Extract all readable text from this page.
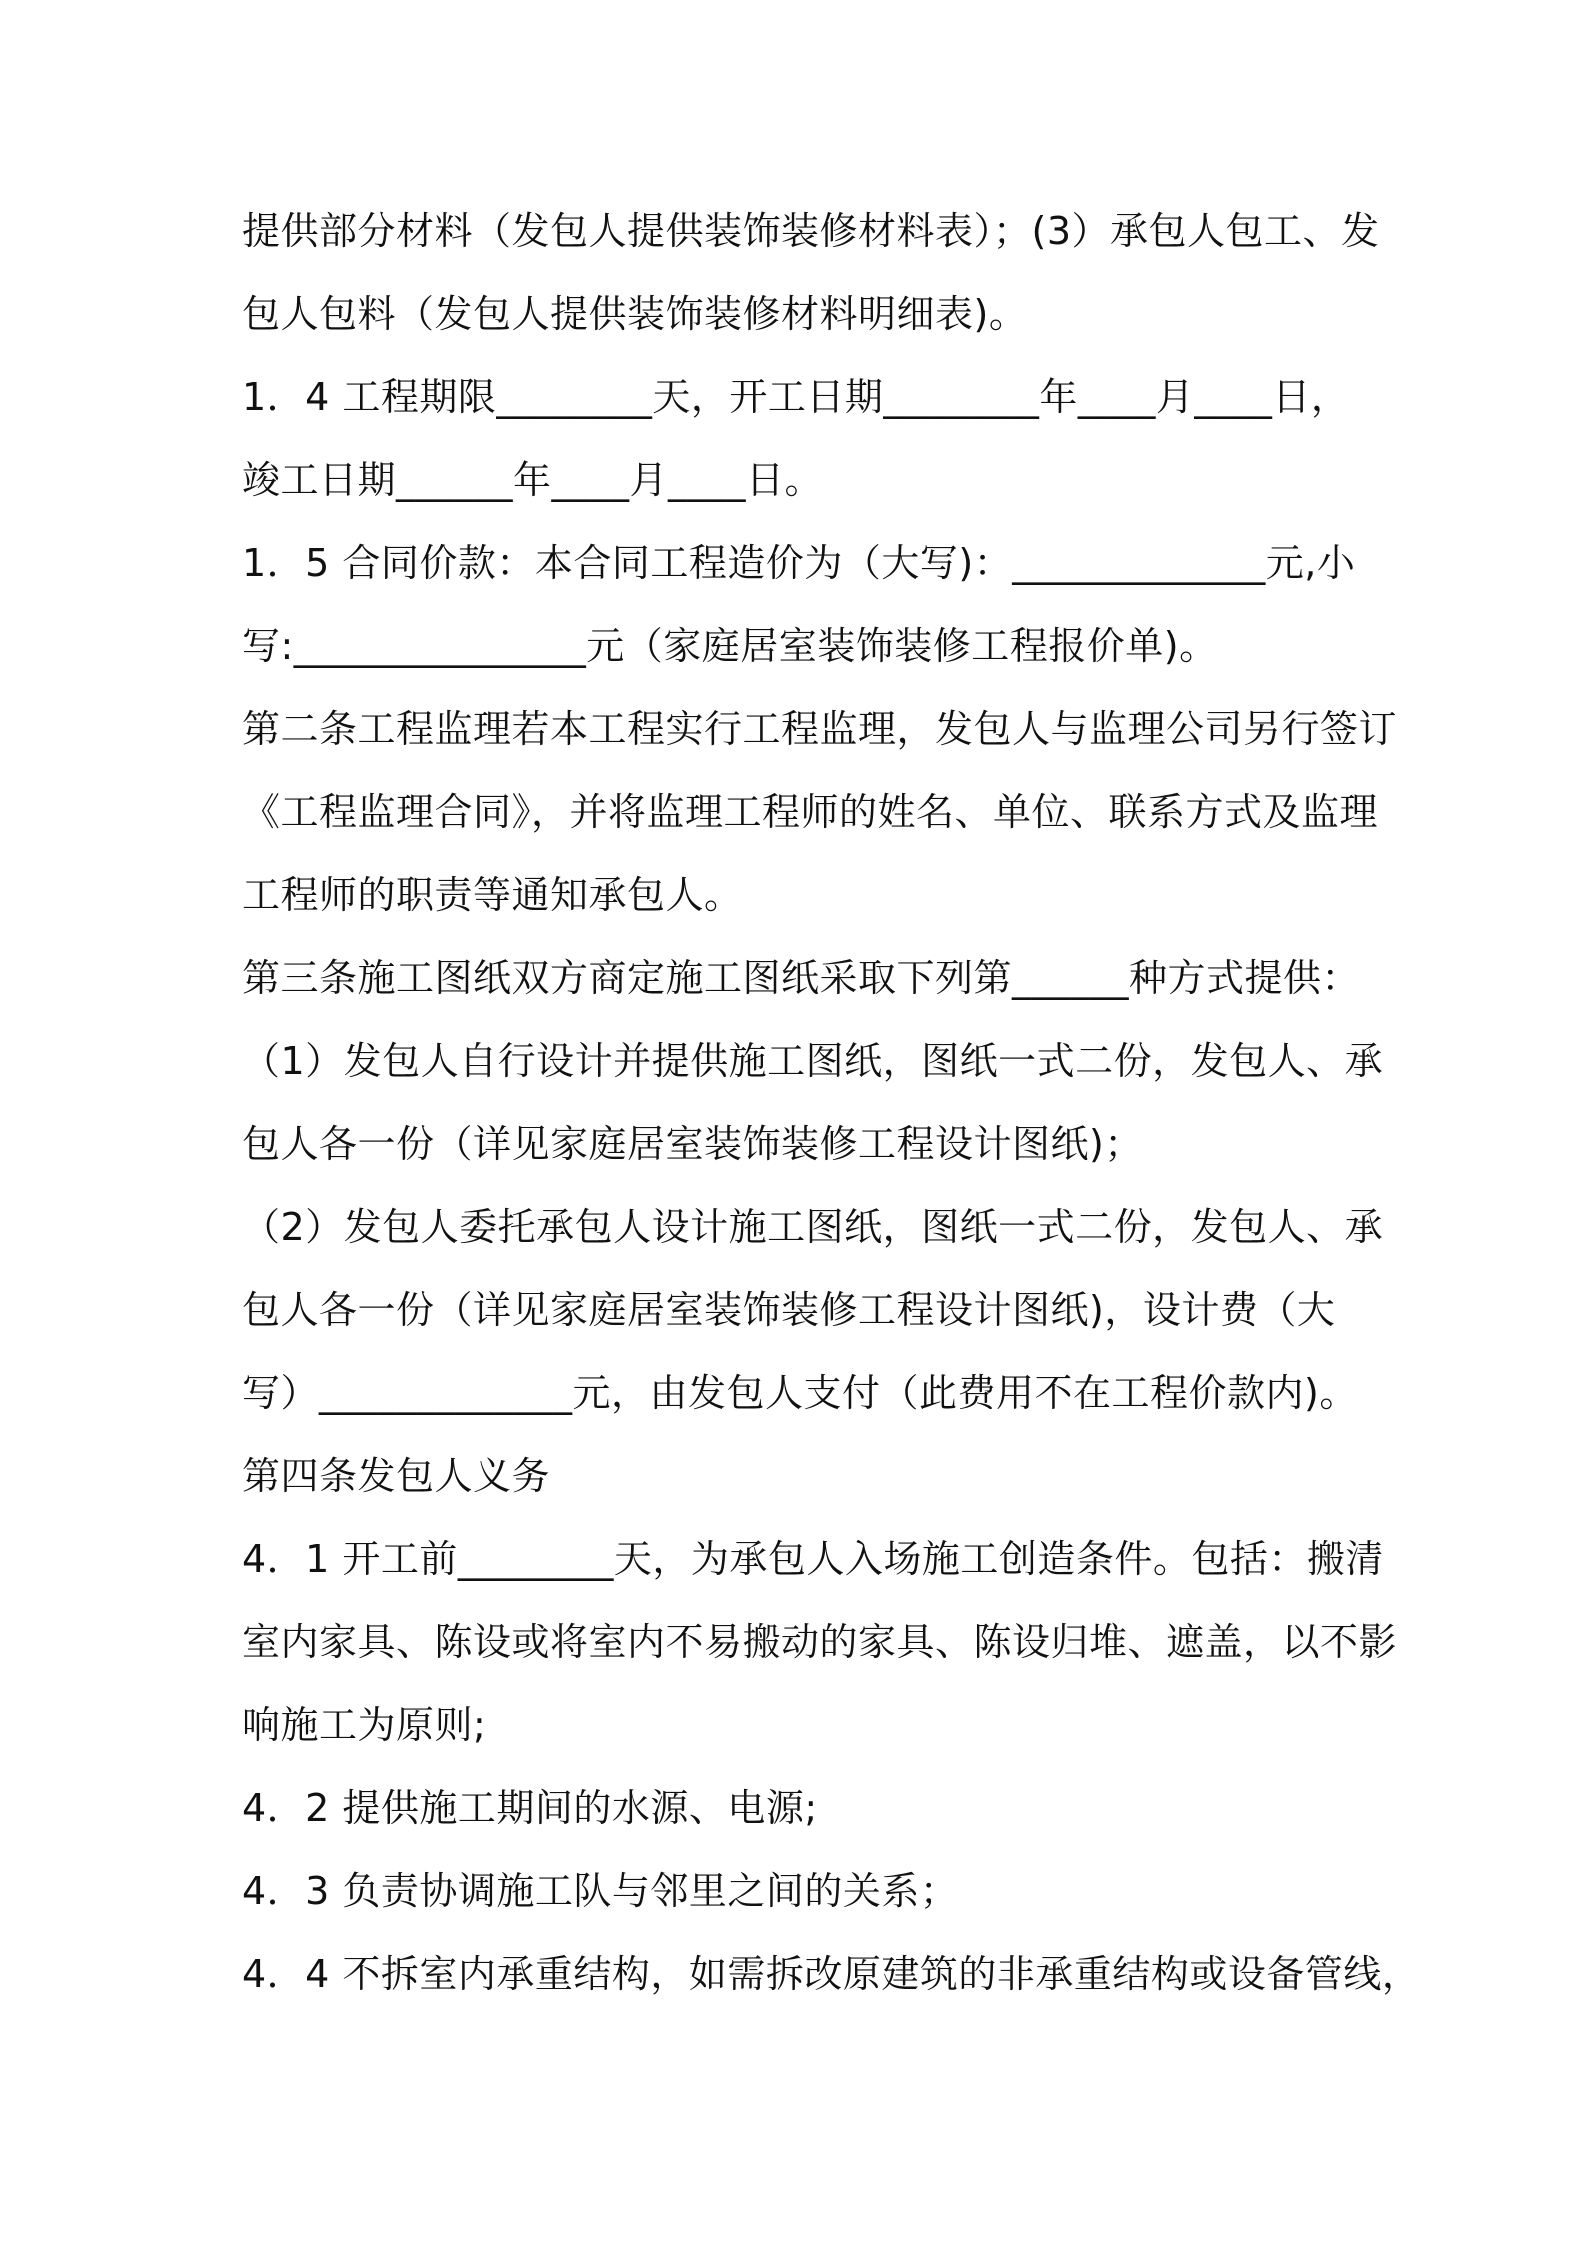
提供部分材料（发包人提供装饰装修材料表）；(3）承包人包工、发
包人包料（发包人提供装饰装修材料明细表)。
1．4 工程期限________天，开工日期________年____月____日，
竣工日期______年____月____日。
1．5 合同价款：本合同工程造价为（大写)：_____________元,小
写:_______________元（家庭居室装饰装修工程报价单)。
第二条工程监理若本工程实行工程监理，发包人与监理公司另行签订
《工程监理合同》，并将监理工程师的姓名、单位、联系方式及监理
工程师的职责等通知承包人。
第三条施工图纸双方商定施工图纸采取下列第______种方式提供：
（1）发包人自行设计并提供施工图纸，图纸一式二份，发包人、承
包人各一份（详见家庭居室装饰装修工程设计图纸)；
（2）发包人委托承包人设计施工图纸，图纸一式二份，发包人、承
包人各一份（详见家庭居室装饰装修工程设计图纸)，设计费（大
写）_____________元，由发包人支付（此费用不在工程价款内)。
第四条发包人义务
4．1 开工前________天，为承包人入场施工创造条件。包括：搬清
室内家具、陈设或将室内不易搬动的家具、陈设归堆、遮盖，以不影
响施工为原则;
4．2 提供施工期间的水源、电源;
4．3 负责协调施工队与邻里之间的关系；
4．4 不拆室内承重结构，如需拆改原建筑的非承重结构或设备管线，
